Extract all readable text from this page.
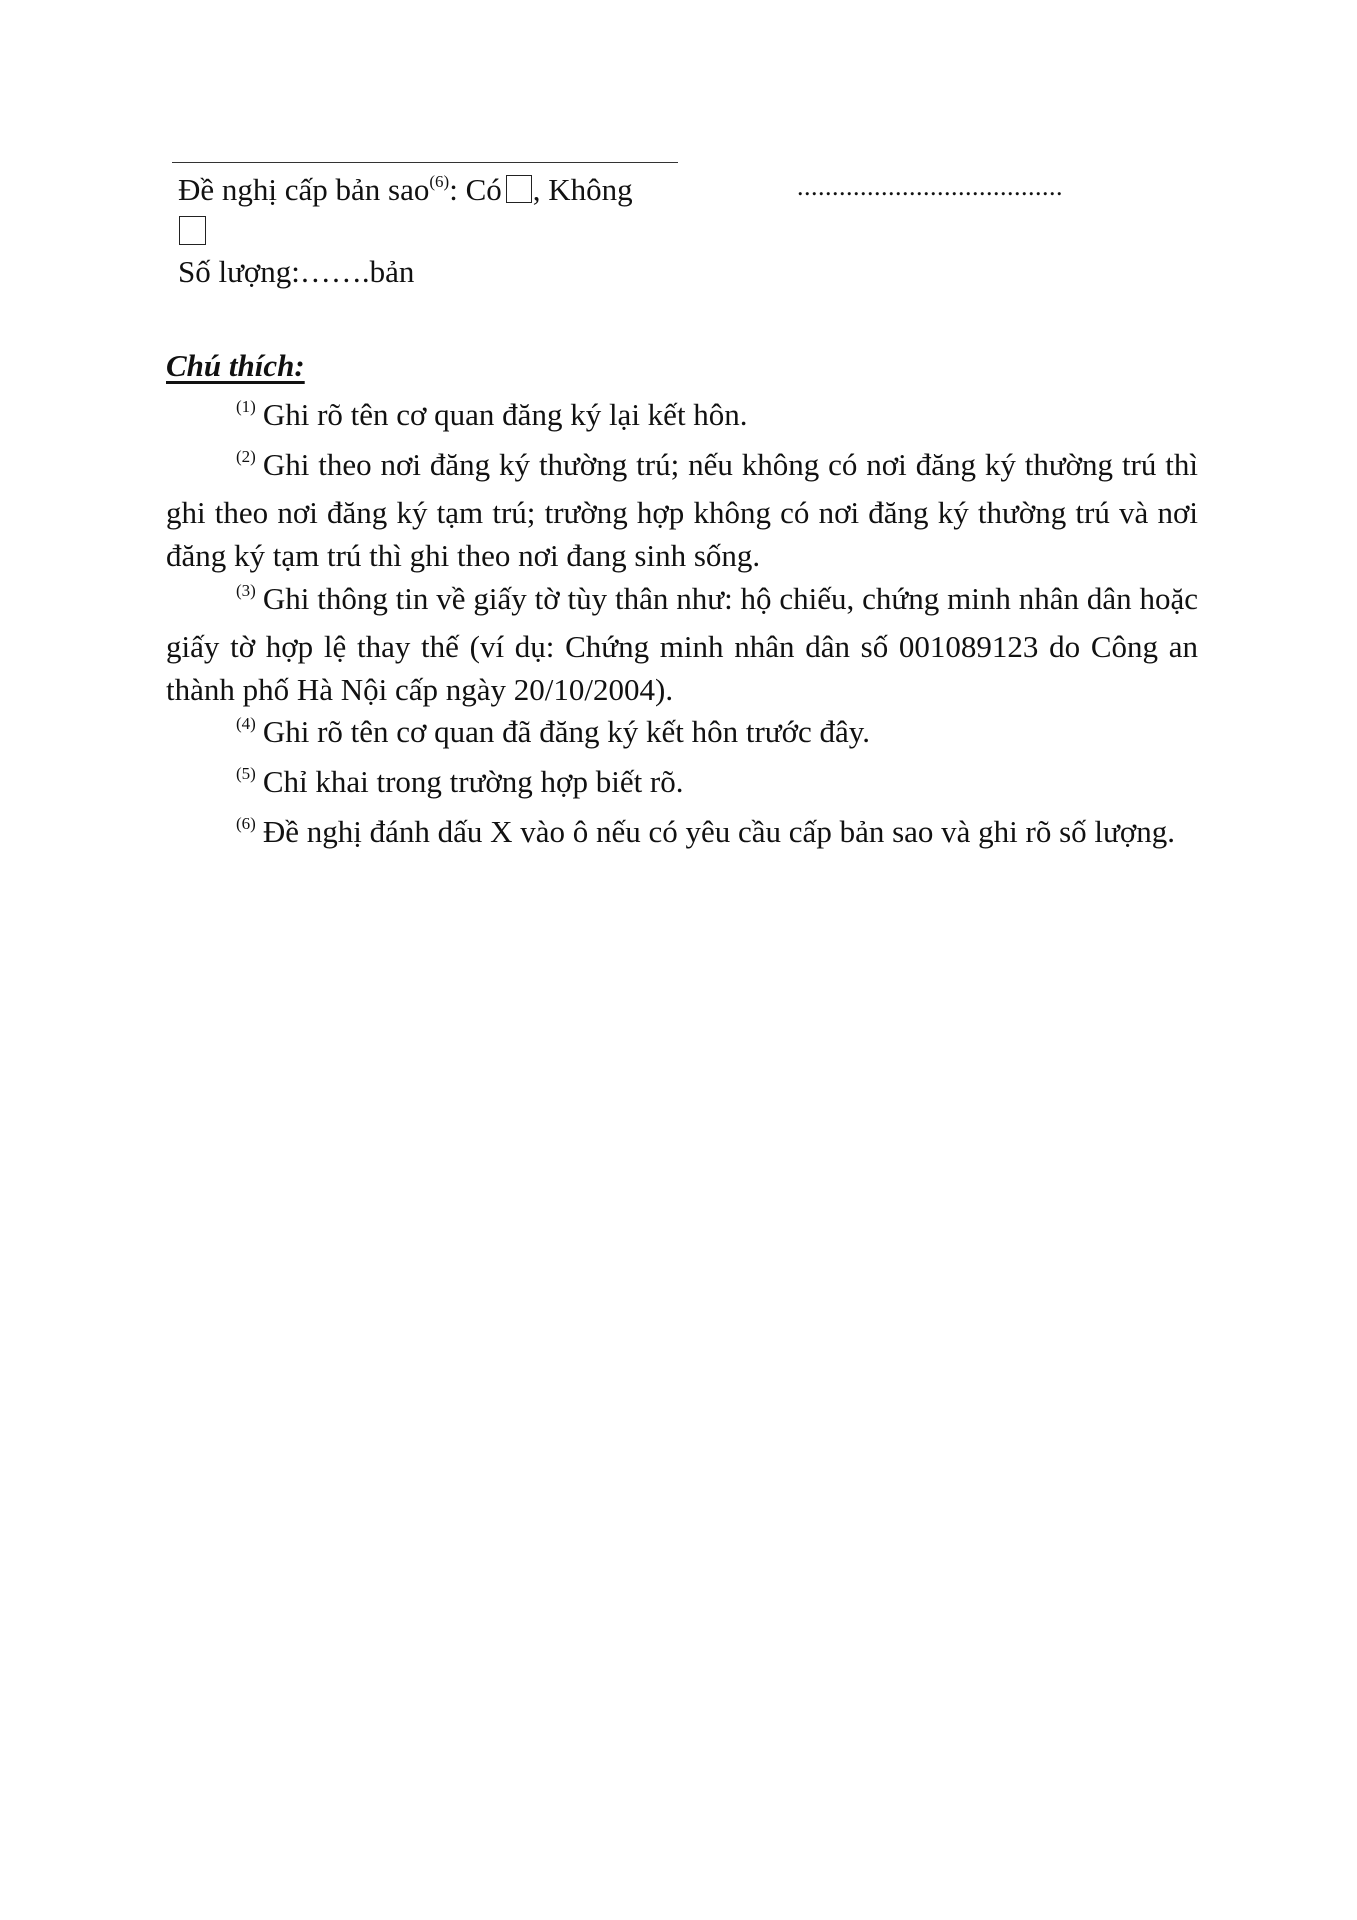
Đề nghị cấp bản sao$^{(6)}$: Có , Không
Số lượng:…….bản
......................................
Chú thích:
$^{(1)}$ Ghi rõ tên cơ quan đăng ký lại kết hôn.
$^{(2)}$ Ghi theo nơi đăng ký thường trú; nếu không có nơi đăng ký thường trú thì ghi theo nơi đăng ký tạm trú; trường hợp không có nơi đăng ký thường trú và nơi đăng ký tạm trú thì ghi theo nơi đang sinh sống.
$^{(3)}$ Ghi thông tin về giấy tờ tùy thân như: hộ chiếu, chứng minh nhân dân hoặc giấy tờ hợp lệ thay thế (ví dụ: Chứng minh nhân dân số 001089123 do Công an thành phố Hà Nội cấp ngày 20/10/2004).
$^{(4)}$ Ghi rõ tên cơ quan đã đăng ký kết hôn trước đây.
$^{(5)}$ Chỉ khai trong trường hợp biết rõ.
$^{(6)}$ Đề nghị đánh dấu X vào ô nếu có yêu cầu cấp bản sao và ghi rõ số lượng.
